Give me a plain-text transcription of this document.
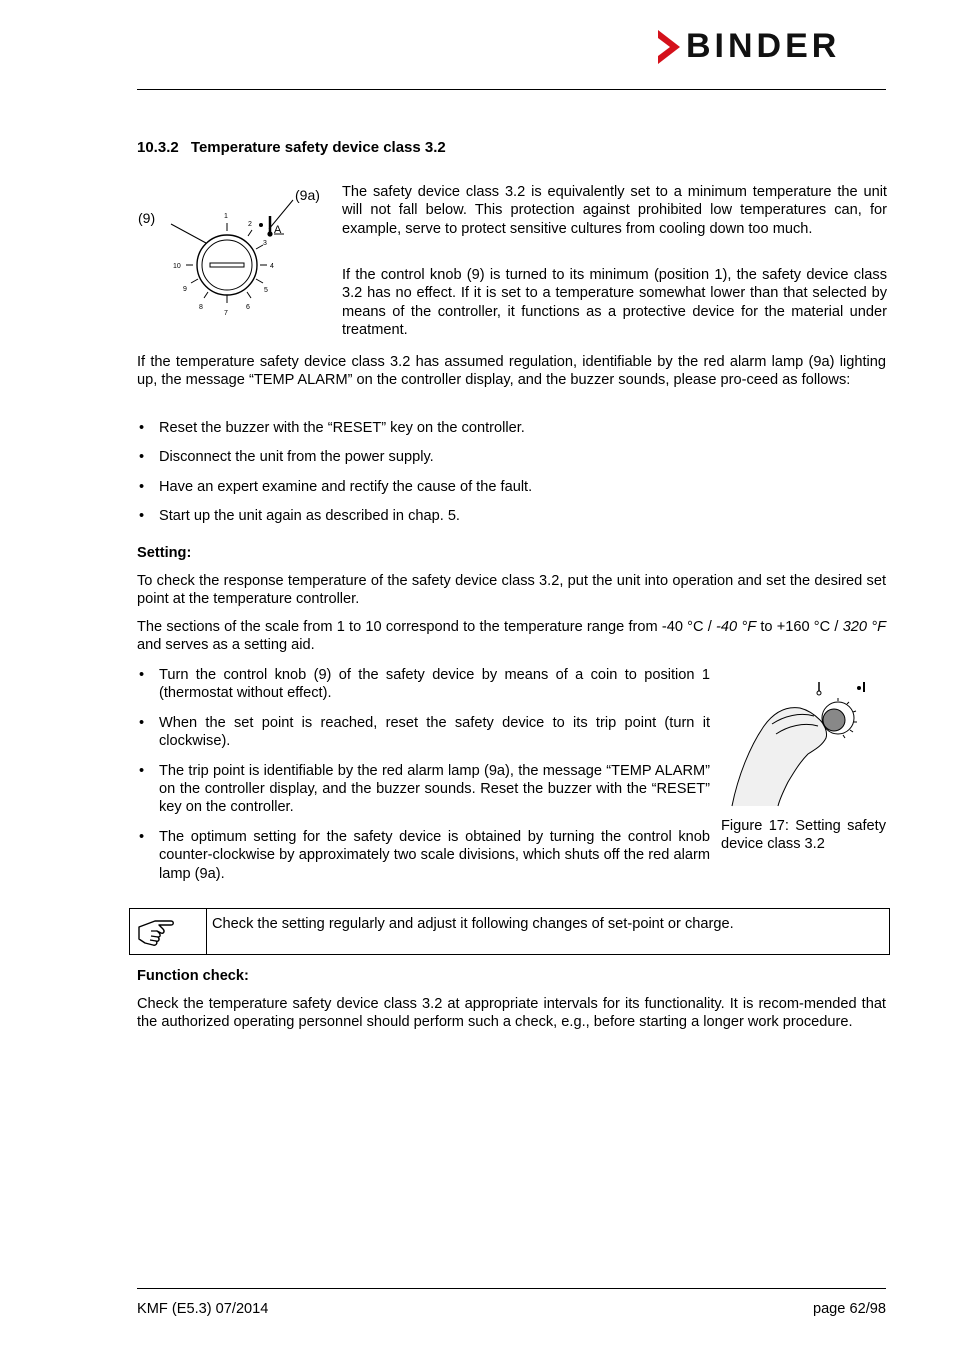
BINDER
10.3.2 Temperature safety device class 3.2
1
2
3
4
5
6
7
8
9
10
A
(9)
(9a) The safety device class 3.2 is equivalently set to a minimum temperature the unit will not fall below. This protection against prohibited low temperatures can, for example, serve to protect sensitive cultures from cooling down too much.

If the control knob (9) is turned to its minimum (position 1), the safety device class 3.2 has no effect. If it is set to a temperature somewhat lower than that selected by means of the controller, it functions as a protective device for the material under treatment.

If the temperature safety device class 3.2 has assumed regulation, identifiable by the red alarm lamp (9a) lighting up, the message “TEMP ALARM” on the controller display, and the buzzer sounds, please pro-ceed as follows:

• Reset the buzzer with the “RESET” key on the controller.
• Disconnect the unit from the power supply.
• Have an expert examine and rectify the cause of the fault.
• Start up the unit again as described in chap. 5.
Setting:

To check the response temperature of the safety device class 3.2, put the unit into operation and set the desired set point at the temperature controller.

The sections of the scale from 1 to 10 correspond to the temperature range from -40 °C / -40 °F to +160 °C / 320 °F and serves as a setting aid.

• Turn the control knob (9) of the safety device by means of a coin to position 1 (thermostat without effect).
• When the set point is reached, reset the safety device to its trip point (turn it clockwise).
• The trip point is identifiable by the red alarm lamp (9a), the message “TEMP ALARM” on the controller display, and the buzzer sounds. Reset the buzzer with the “RESET” key on the controller.
• The optimum setting for the safety device is obtained by turning the control knob counter-clockwise by approximately two scale divisions, which shuts off the red alarm lamp (9a).

Figure 17: Setting safety device class 3.2

Check the setting regularly and adjust it following changes of set-point or charge.
Function check:

Check the temperature safety device class 3.2 at appropriate intervals for its functionality. It is recom-mended that the authorized operating personnel should perform such a check, e.g., before starting a longer work procedure.

KMF (E5.3) 07/2014	page 62/98
